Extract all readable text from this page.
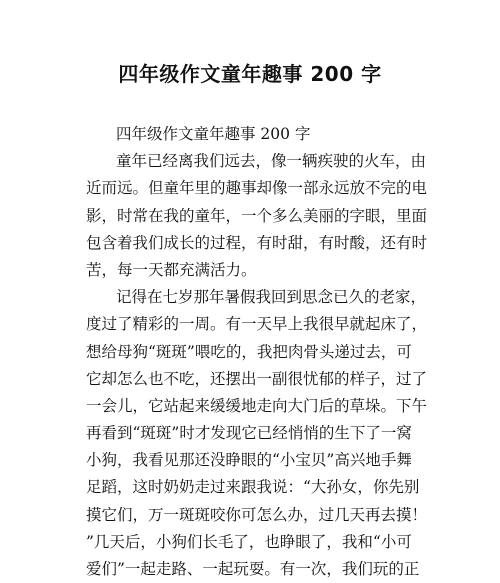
四年级作文童年趣事 200 字
四年级作文童年趣事 200 字
童年已经离我们远去，像一辆疾驶的火车，由
近而远。但童年里的趣事却像一部永远放不完的电
影，时常在我的童年，一个多么美丽的字眼，里面
包含着我们成长的过程，有时甜，有时酸，还有时
苦，每一天都充满活力。
记得在七岁那年暑假我回到思念已久的老家，
度过了精彩的一周。有一天早上我很早就起床了，
想给母狗“斑斑”喂吃的，我把肉骨头递过去，可
它却怎么也不吃，还摆出一副很忧郁的样子，过了
一会儿，它站起来缓缓地走向大门后的草垛。下午
再看到“斑斑”时才发现它已经悄悄的生下了一窝
小狗，我看见那还没睁眼的“小宝贝”高兴地手舞
足蹈，这时奶奶走过来跟我说：“大孙女，你先别
摸它们，万一斑斑咬你可怎么办，过几天再去摸！
”几天后，小狗们长毛了，也睁眼了，我和“小可
爱们”一起走路、一起玩耍。有一次，我们玩的正
